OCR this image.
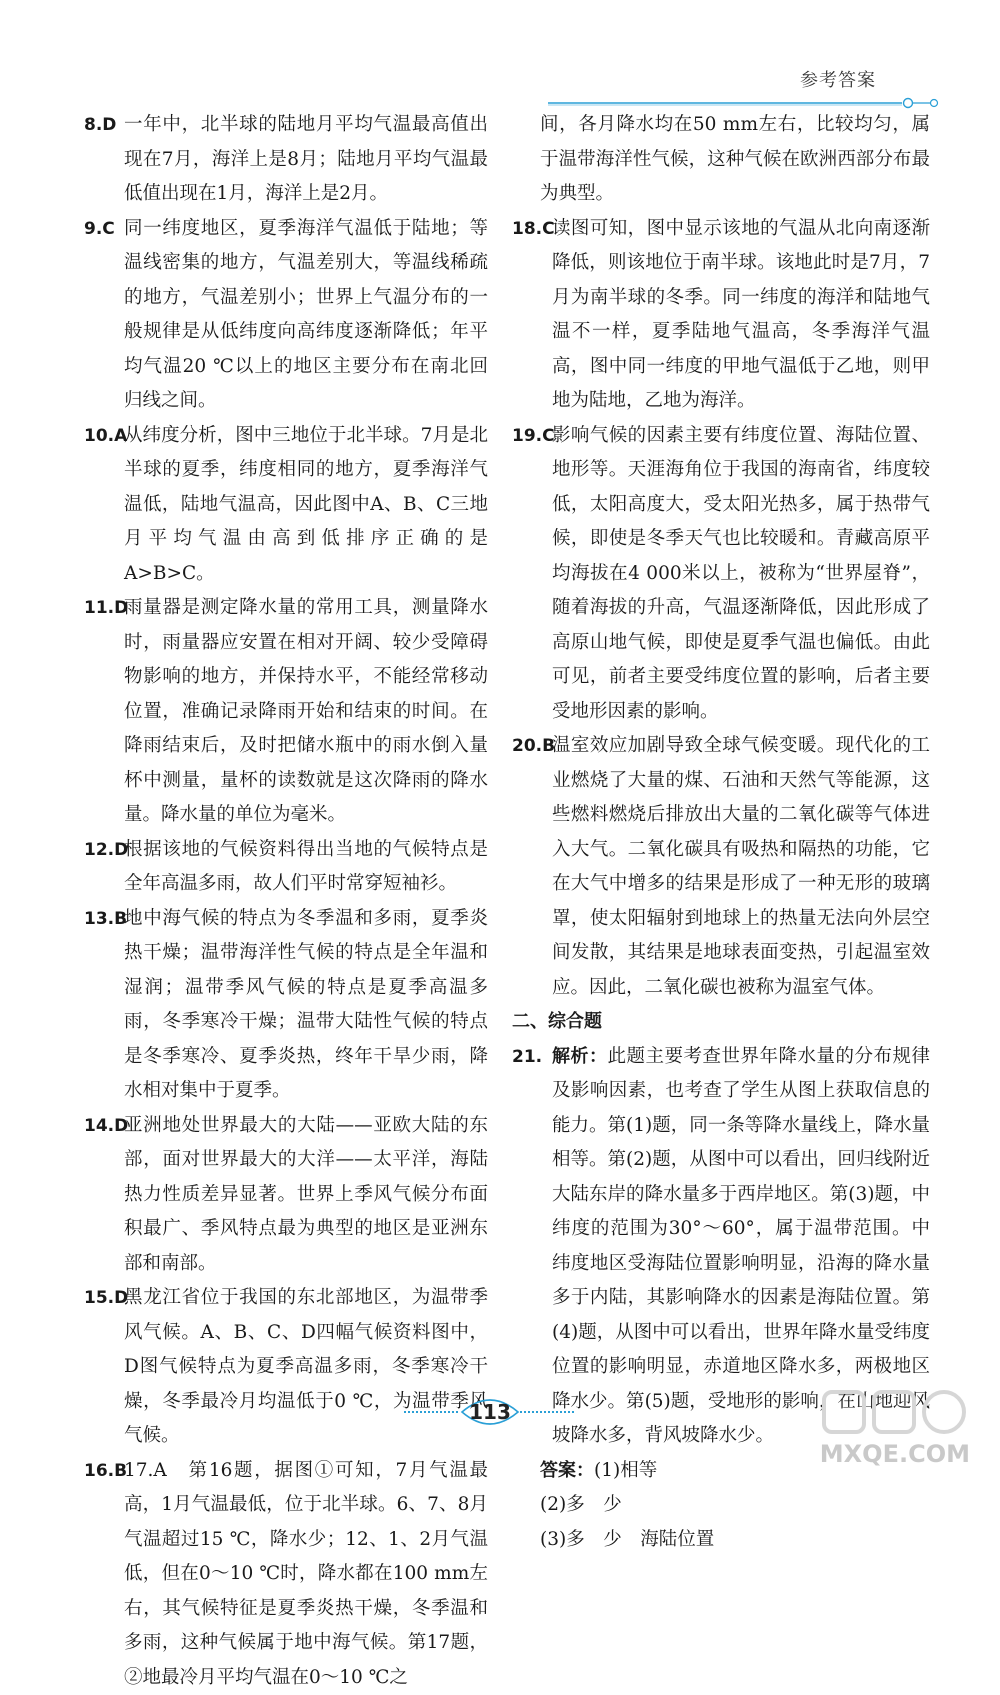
参考答案
8.D 一年中，北半球的陆地月平均气温最高值出现在7月，海洋上是8月；陆地月平均气温最低值出现在1月，海洋上是2月。
9.C 同一纬度地区，夏季海洋气温低于陆地；等温线密集的地方，气温差别大，等温线稀疏的地方，气温差别小；世界上气温分布的一般规律是从低纬度向高纬度逐渐降低；年平均气温20 ℃以上的地区主要分布在南北回归线之间。
10.A
从纬度分析，图中三地位于北半球。7月是北半球的夏季，纬度相同的地方，夏季海洋气温低，陆地气温高，因此图中A、B、C三地月平均气温由高到低排序正确的是A>B>C。
11.D
雨量器是测定降水量的常用工具，测量降水时，雨量器应安置在相对开阔、较少受障碍物影响的地方，并保持水平，不能经常移动位置，准确记录降雨开始和结束的时间。在降雨结束后，及时把储水瓶中的雨水倒入量杯中测量，量杯的读数就是这次降雨的降水量。降水量的单位为毫米。
12.D
根据该地的气候资料得出当地的气候特点是全年高温多雨，故人们平时常穿短袖衫。
13.B
地中海气候的特点为冬季温和多雨，夏季炎热干燥；温带海洋性气候的特点是全年温和湿润；温带季风气候的特点是夏季高温多雨，冬季寒冷干燥；温带大陆性气候的特点是冬季寒冷、夏季炎热，终年干旱少雨，降水相对集中于夏季。
14.D
亚洲地处世界最大的大陆——亚欧大陆的东部，面对世界最大的大洋——太平洋，海陆热力性质差异显著。世界上季风气候分布面积最广、季风特点最为典型的地区是亚洲东部和南部。
15.D
黑龙江省位于我国的东北部地区，为温带季风气候。A、B、C、D四幅气候资料图中，D图气候特点为夏季高温多雨，冬季寒冷干燥，冬季最冷月均温低于0 ℃，为温带季风气候。
16.B
17.A　第16题，据图①可知，7月气温最高，1月气温最低，位于北半球。6、7、8月气温超过15 ℃，降水少；12、1、2月气温低，但在0～10 ℃时，降水都在100 mm左右，其气候特征是夏季炎热干燥，冬季温和多雨，这种气候属于地中海气候。第17题，②地最冷月平均气温在0～10 ℃之
间，各月降水均在50 mm左右，比较均匀，属于温带海洋性气候，这种气候在欧洲西部分布最为典型。
18.C
读图可知，图中显示该地的气温从北向南逐渐降低，则该地位于南半球。该地此时是7月，7月为南半球的冬季。同一纬度的海洋和陆地气温不一样，夏季陆地气温高，冬季海洋气温高，图中同一纬度的甲地气温低于乙地，则甲地为陆地，乙地为海洋。
19.C
影响气候的因素主要有纬度位置、海陆位置、地形等。天涯海角位于我国的海南省，纬度较低，太阳高度大，受太阳光热多，属于热带气候，即使是冬季天气也比较暖和。青藏高原平均海拔在4 000米以上，被称为“世界屋脊”，随着海拔的升高，气温逐渐降低，因此形成了高原山地气候，即使是夏季气温也偏低。由此可见，前者主要受纬度位置的影响，后者主要受地形因素的影响。
20.B
温室效应加剧导致全球气候变暖。现代化的工业燃烧了大量的煤、石油和天然气等能源，这些燃料燃烧后排放出大量的二氧化碳等气体进入大气。二氧化碳具有吸热和隔热的功能，它在大气中增多的结果是形成了一种无形的玻璃罩，使太阳辐射到地球上的热量无法向外层空间发散，其结果是地球表面变热，引起温室效应。因此，二氧化碳也被称为温室气体。
二、综合题
21. 解析：此题主要考查世界年降水量的分布规律及影响因素，也考查了学生从图上获取信息的能力。第(1)题，同一条等降水量线上，降水量相等。第(2)题，从图中可以看出，回归线附近大陆东岸的降水量多于西岸地区。第(3)题，中纬度的范围为30°～60°，属于温带范围。中纬度地区受海陆位置影响明显，沿海的降水量多于内陆，其影响降水的因素是海陆位置。第(4)题，从图中可以看出，世界年降水量受纬度位置的影响明显，赤道地区降水多，两极地区降水少。第(5)题，受地形的影响，在山地迎风坡降水多，背风坡降水少。
答案：(1)相等
(2)多　少
(3)多　少　海陆位置
113
MXQE.COM
